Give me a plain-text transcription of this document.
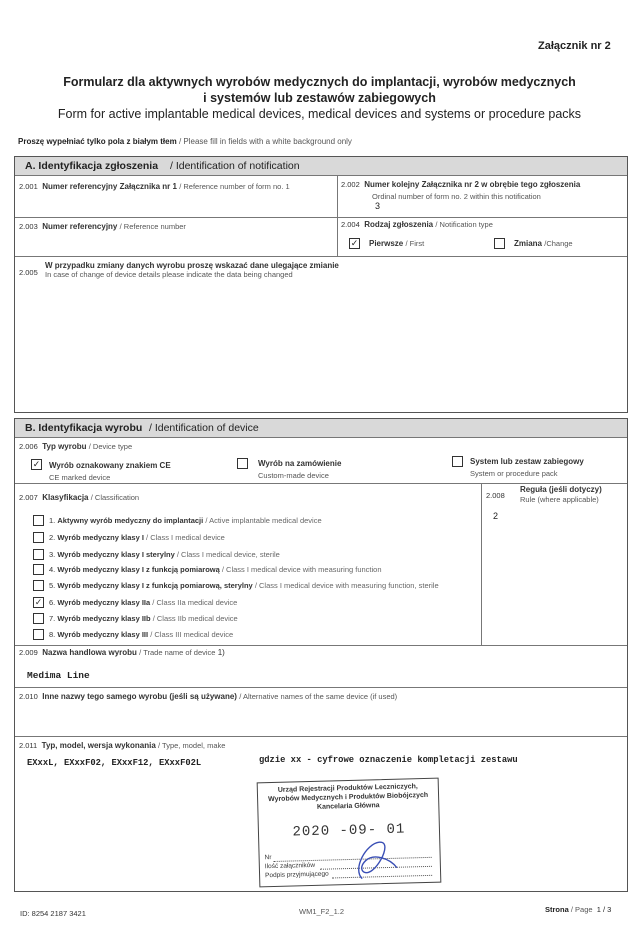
Załącznik nr 2
Formularz dla aktywnych wyrobów medycznych do implantacji, wyrobów medycznych
i systemów lub zestawów zabiegowych
Form for active implantable medical devices, medical devices and systems or procedure packs
Proszę wypełniać tylko pola z białym tłem / Please fill in fields with a white background only
A. Identyfikacja zgłoszenia / Identification of notification
2.001 Numer referencyjny Załącznika nr 1 / Reference number of form no. 1	2.002 Numer kolejny Załącznika nr 2 w obrębie tego zgłoszenia
Ordinal number of form no. 2 within this notification
3
2.003 Numer referencyjny / Reference number	2.004 Rodzaj zgłoszenia / Notification type
✓ Pierwsze / First	Zmiana /Change
2.005
W przypadku zmiany danych wyrobu proszę wskazać dane ulegające zmianie
In case of change of device details please indicate the data being changed
B. Identyfikacja wyrobu / Identification of device
2.006 Typ wyrobu / Device type
✓ Wyrób oznakowany znakiem CE
CE marked device
Wyrób na zamówienie
Custom-made device
System lub zestaw zabiegowy
System or procedure pack
2.007 Klasyfikacja / Classification
1. Aktywny wyrób medyczny do implantacji / Active implantable medical device
2. Wyrób medyczny klasy I / Class I medical device
3. Wyrób medyczny klasy I sterylny / Class I medical device, sterile
4. Wyrób medyczny klasy I z funkcją pomiarową / Class I medical device with measuring function
5. Wyrób medyczny klasy I z funkcją pomiarową, sterylny / Class I medical device with measuring function, sterile
✓ 6. Wyrób medyczny klasy IIa / Class IIa medical device
7. Wyrób medyczny klasy IIb / Class IIb medical device
8. Wyrób medyczny klasy III / Class III medical device
2.008
Reguła (jeśli dotyczy)
Rule (where applicable)
2
2.009 Nazwa handlowa wyrobu / Trade name of device 1)
Medima Line
2.010 Inne nazwy tego samego wyrobu (jeśli są używane) / Alternative names of the same device (if used)
2.011 Typ, model, wersja wykonania / Type, model, make
EXxxL, EXxxF02, EXxxF12, EXxxF02L	gdzie xx - cyfrowe oznaczenie kompletacji zestawu
Urząd Rejestracji Produktów Leczniczych,
Wyrobów Medycznych i Produktów Biobójczych
Kancelaria Główna
2020 -09- 01
Nr
Ilość załączników
Podpis przyjmującego
ID: 8254 2187 3421	WM1_F2_1.2	Strona / Page 1 / 3
